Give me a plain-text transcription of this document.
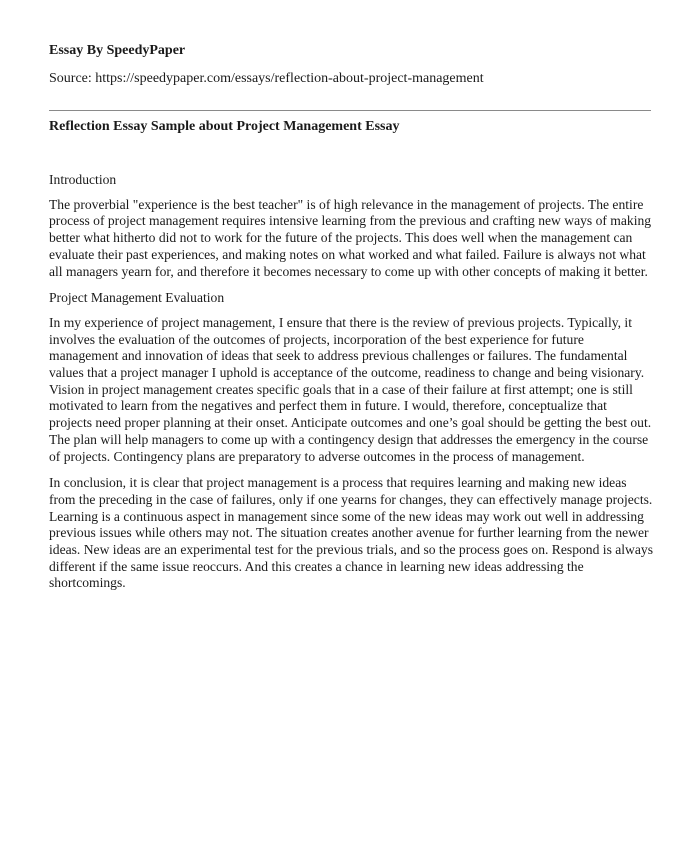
Essay By SpeedyPaper
Source: https://speedypaper.com/essays/reflection-about-project-management
Reflection Essay Sample about Project Management Essay

Introduction

The proverbial "experience is the best teacher" is of high relevance in the management of projects. The entire process of project management requires intensive learning from the previous and crafting new ways of making better what hitherto did not to work for the future of the projects. This does well when the management can evaluate their past experiences, and making notes on what worked and what failed. Failure is always not what all managers yearn for, and therefore it becomes necessary to come up with other concepts of making it better.

Project Management Evaluation

In my experience of project management, I ensure that there is the review of previous projects. Typically, it involves the evaluation of the outcomes of projects, incorporation of the best experience for future management and innovation of ideas that seek to address previous challenges or failures. The fundamental values that a project manager I uphold is acceptance of the outcome, readiness to change and being visionary. Vision in project management creates specific goals that in a case of their failure at first attempt; one is still motivated to learn from the negatives and perfect them in future. I would, therefore, conceptualize that projects need proper planning at their onset. Anticipate outcomes and one’s goal should be getting the best out. The plan will help managers to come up with a contingency design that addresses the emergency in the course of projects. Contingency plans are preparatory to adverse outcomes in the process of management.

In conclusion, it is clear that project management is a process that requires learning and making new ideas from the preceding in the case of failures, only if one yearns for changes, they can effectively manage projects. Learning is a continuous aspect in management since some of the new ideas may work out well in addressing previous issues while others may not. The situation creates another avenue for further learning from the newer ideas. New ideas are an experimental test for the previous trials, and so the process goes on. Respond is always different if the same issue reoccurs. And this creates a chance in learning new ideas addressing the shortcomings.
